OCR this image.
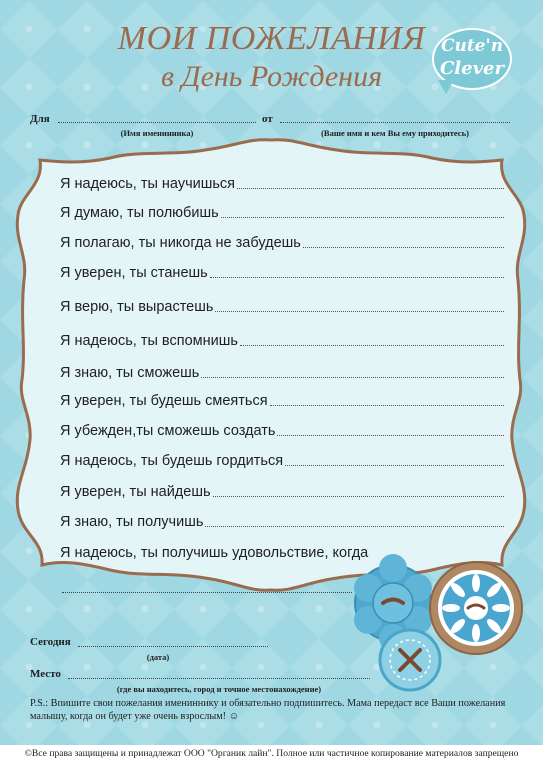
МОИ ПОЖЕЛАНИЯ
в День Рождения
Cute'n
Clever
Для
(Имя именинника)
от
(Ваше имя и кем Вы ему приходитесь)
Я надеюсь, ты научишься
Я думаю, ты полюбишь
Я полагаю, ты никогда не забудешь
Я уверен, ты станешь
Я верю, ты вырастешь
Я надеюсь, ты вспомнишь
Я знаю, ты сможешь
Я уверен, ты будешь смеяться
Я убежден,ты сможешь создать
Я надеюсь, ты будешь гордиться
Я уверен, ты найдешь
Я знаю, ты получишь
Я надеюсь, ты получишь удовольствие, когда
Сегодня
(дата)
Место
(где вы находитесь, город и точное местонахождение)
P.S.: Впишите свои пожелания имениннику и обязательно подпишитесь. Мама передаст все Ваши пожелания малышу, когда он будет уже очень взрослым! ☺
©Все права защищены и принадлежат ООО "Органик лайн". Полное или частичное копирование материалов запрещено
